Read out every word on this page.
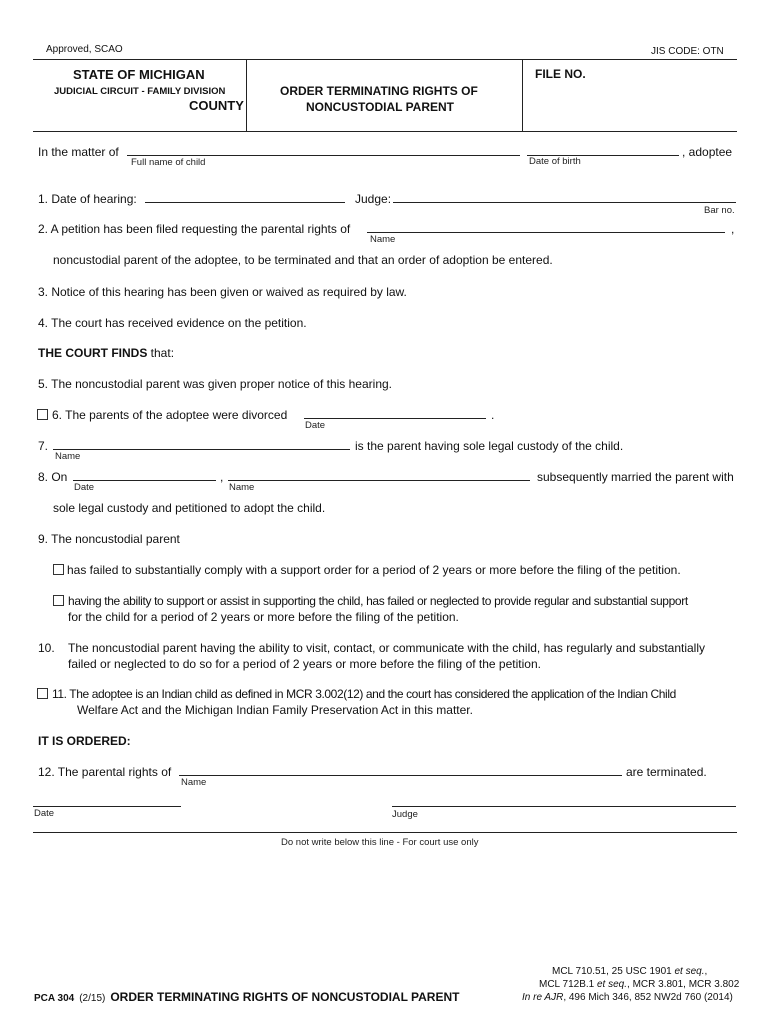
Approved, SCAO	JIS CODE: OTN
STATE OF MICHIGAN
JUDICIAL CIRCUIT - FAMILY DIVISION
COUNTY
ORDER TERMINATING RIGHTS OF
NONCUSTODIAL PARENT
FILE NO.
In the matter of	, adoptee
Full name of child	Date of birth
1. Date of hearing:	Judge:
Bar no.
2. A petition has been filed requesting the parental rights of	,
Name
noncustodial parent of the adoptee, to be terminated and that an order of adoption be entered.
3. Notice of this hearing has been given or waived as required by law.
4. The court has received evidence on the petition.
THE COURT FINDS that:
5. The noncustodial parent was given proper notice of this hearing.
6. The parents of the adoptee were divorced	.
Date
7.	is the parent having sole legal custody of the child.
Name
8. On	,	subsequently married the parent with
Date	Name
sole legal custody and petitioned to adopt the child.
9. The noncustodial parent
has failed to substantially comply with a support order for a period of 2 years or more before the filing of the petition.
having the ability to support or assist in supporting the child, has failed or neglected to provide regular and substantial support
for the child for a period of 2 years or more before the filing of the petition.
10. The noncustodial parent having the ability to visit, contact, or communicate with the child, has regularly and substantially
failed or neglected to do so for a period of 2 years or more before the filing of the petition.
11. The adoptee is an Indian child as defined in MCR 3.002(12) and the court has considered the application of the Indian Child
Welfare Act and the Michigan Indian Family Preservation Act in this matter.
IT IS ORDERED:
12. The parental rights of	are terminated.
Name
Date	Judge
Do not write below this line - For court use only
MCL 710.51, 25 USC 1901 et seq.,
MCL 712B.1 et seq., MCR 3.801, MCR 3.802
In re AJR, 496 Mich 346, 852 NW2d 760 (2014)
PCA 304 (2/15) ORDER TERMINATING RIGHTS OF NONCUSTODIAL PARENT
